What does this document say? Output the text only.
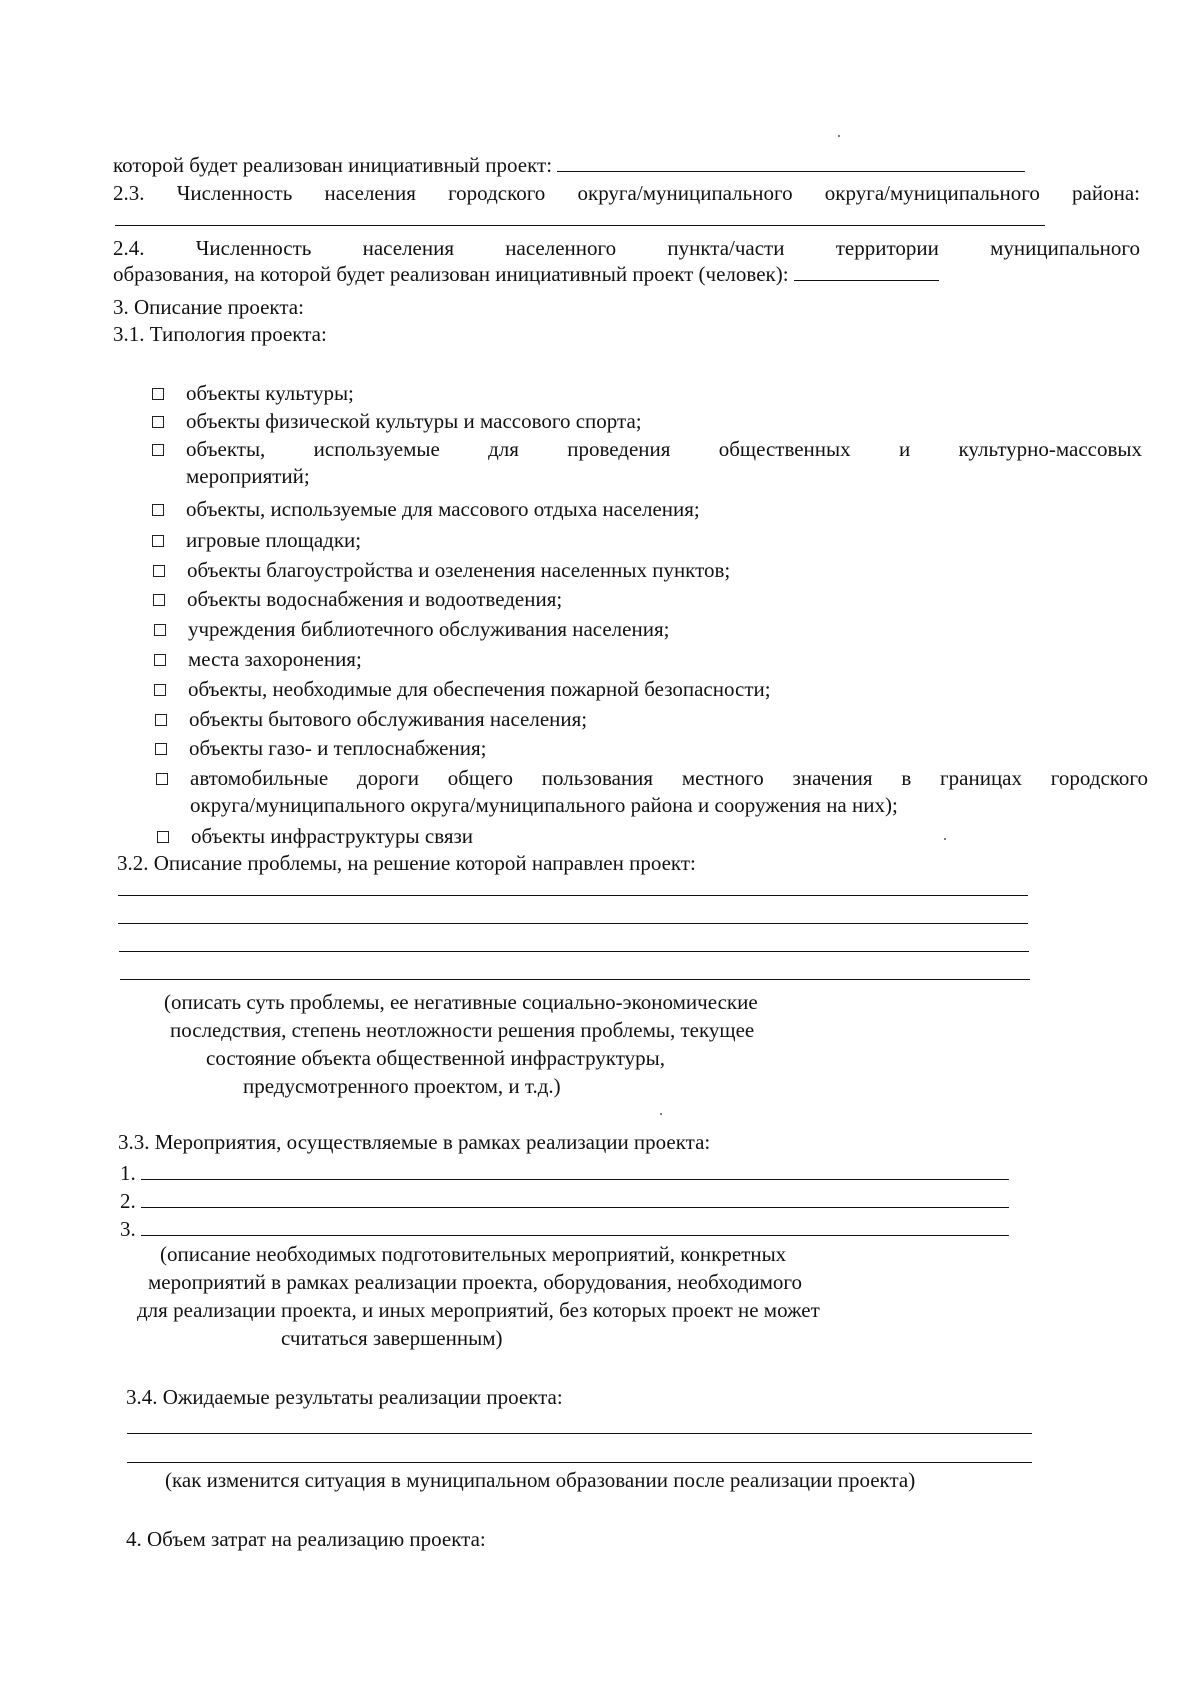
которой будет реализован инициативный проект:
2.3. Численность населения городского округа/муниципального округа/муниципального района:
2.4. Численность населения населенного пункта/части территории муниципального
образования, на которой будет реализован инициативный проект (человек):
3. Описание проекта:
3.1. Типология проекта:
объекты культуры;
объекты физической культуры и массового спорта;
объекты, используемые для проведения общественных и культурно-массовых
мероприятий;
объекты, используемые для массового отдыха населения;
игровые площадки;
объекты благоустройства и озеленения населенных пунктов;
объекты водоснабжения и водоотведения;
учреждения библиотечного обслуживания населения;
места захоронения;
объекты, необходимые для обеспечения пожарной безопасности;
объекты бытового обслуживания населения;
объекты газо- и теплоснабжения;
автомобильные дороги общего пользования местного значения в границах городского
округа/муниципального округа/муниципального района и сооружения на них);
объекты инфраструктуры связи
3.2. Описание проблемы, на решение которой направлен проект:
(описать суть проблемы, ее негативные социально-экономические
последствия, степень неотложности решения проблемы, текущее
состояние объекта общественной инфраструктуры,
предусмотренного проектом, и т.д.)
3.3. Мероприятия, осуществляемые в рамках реализации проекта:
1.
2.
3.
(описание необходимых подготовительных мероприятий, конкретных
мероприятий в рамках реализации проекта, оборудования, необходимого
для реализации проекта, и иных мероприятий, без которых проект не может
считаться завершенным)
3.4. Ожидаемые результаты реализации проекта:
(как изменится ситуация в муниципальном образовании после реализации проекта)
4. Объем затрат на реализацию проекта:
